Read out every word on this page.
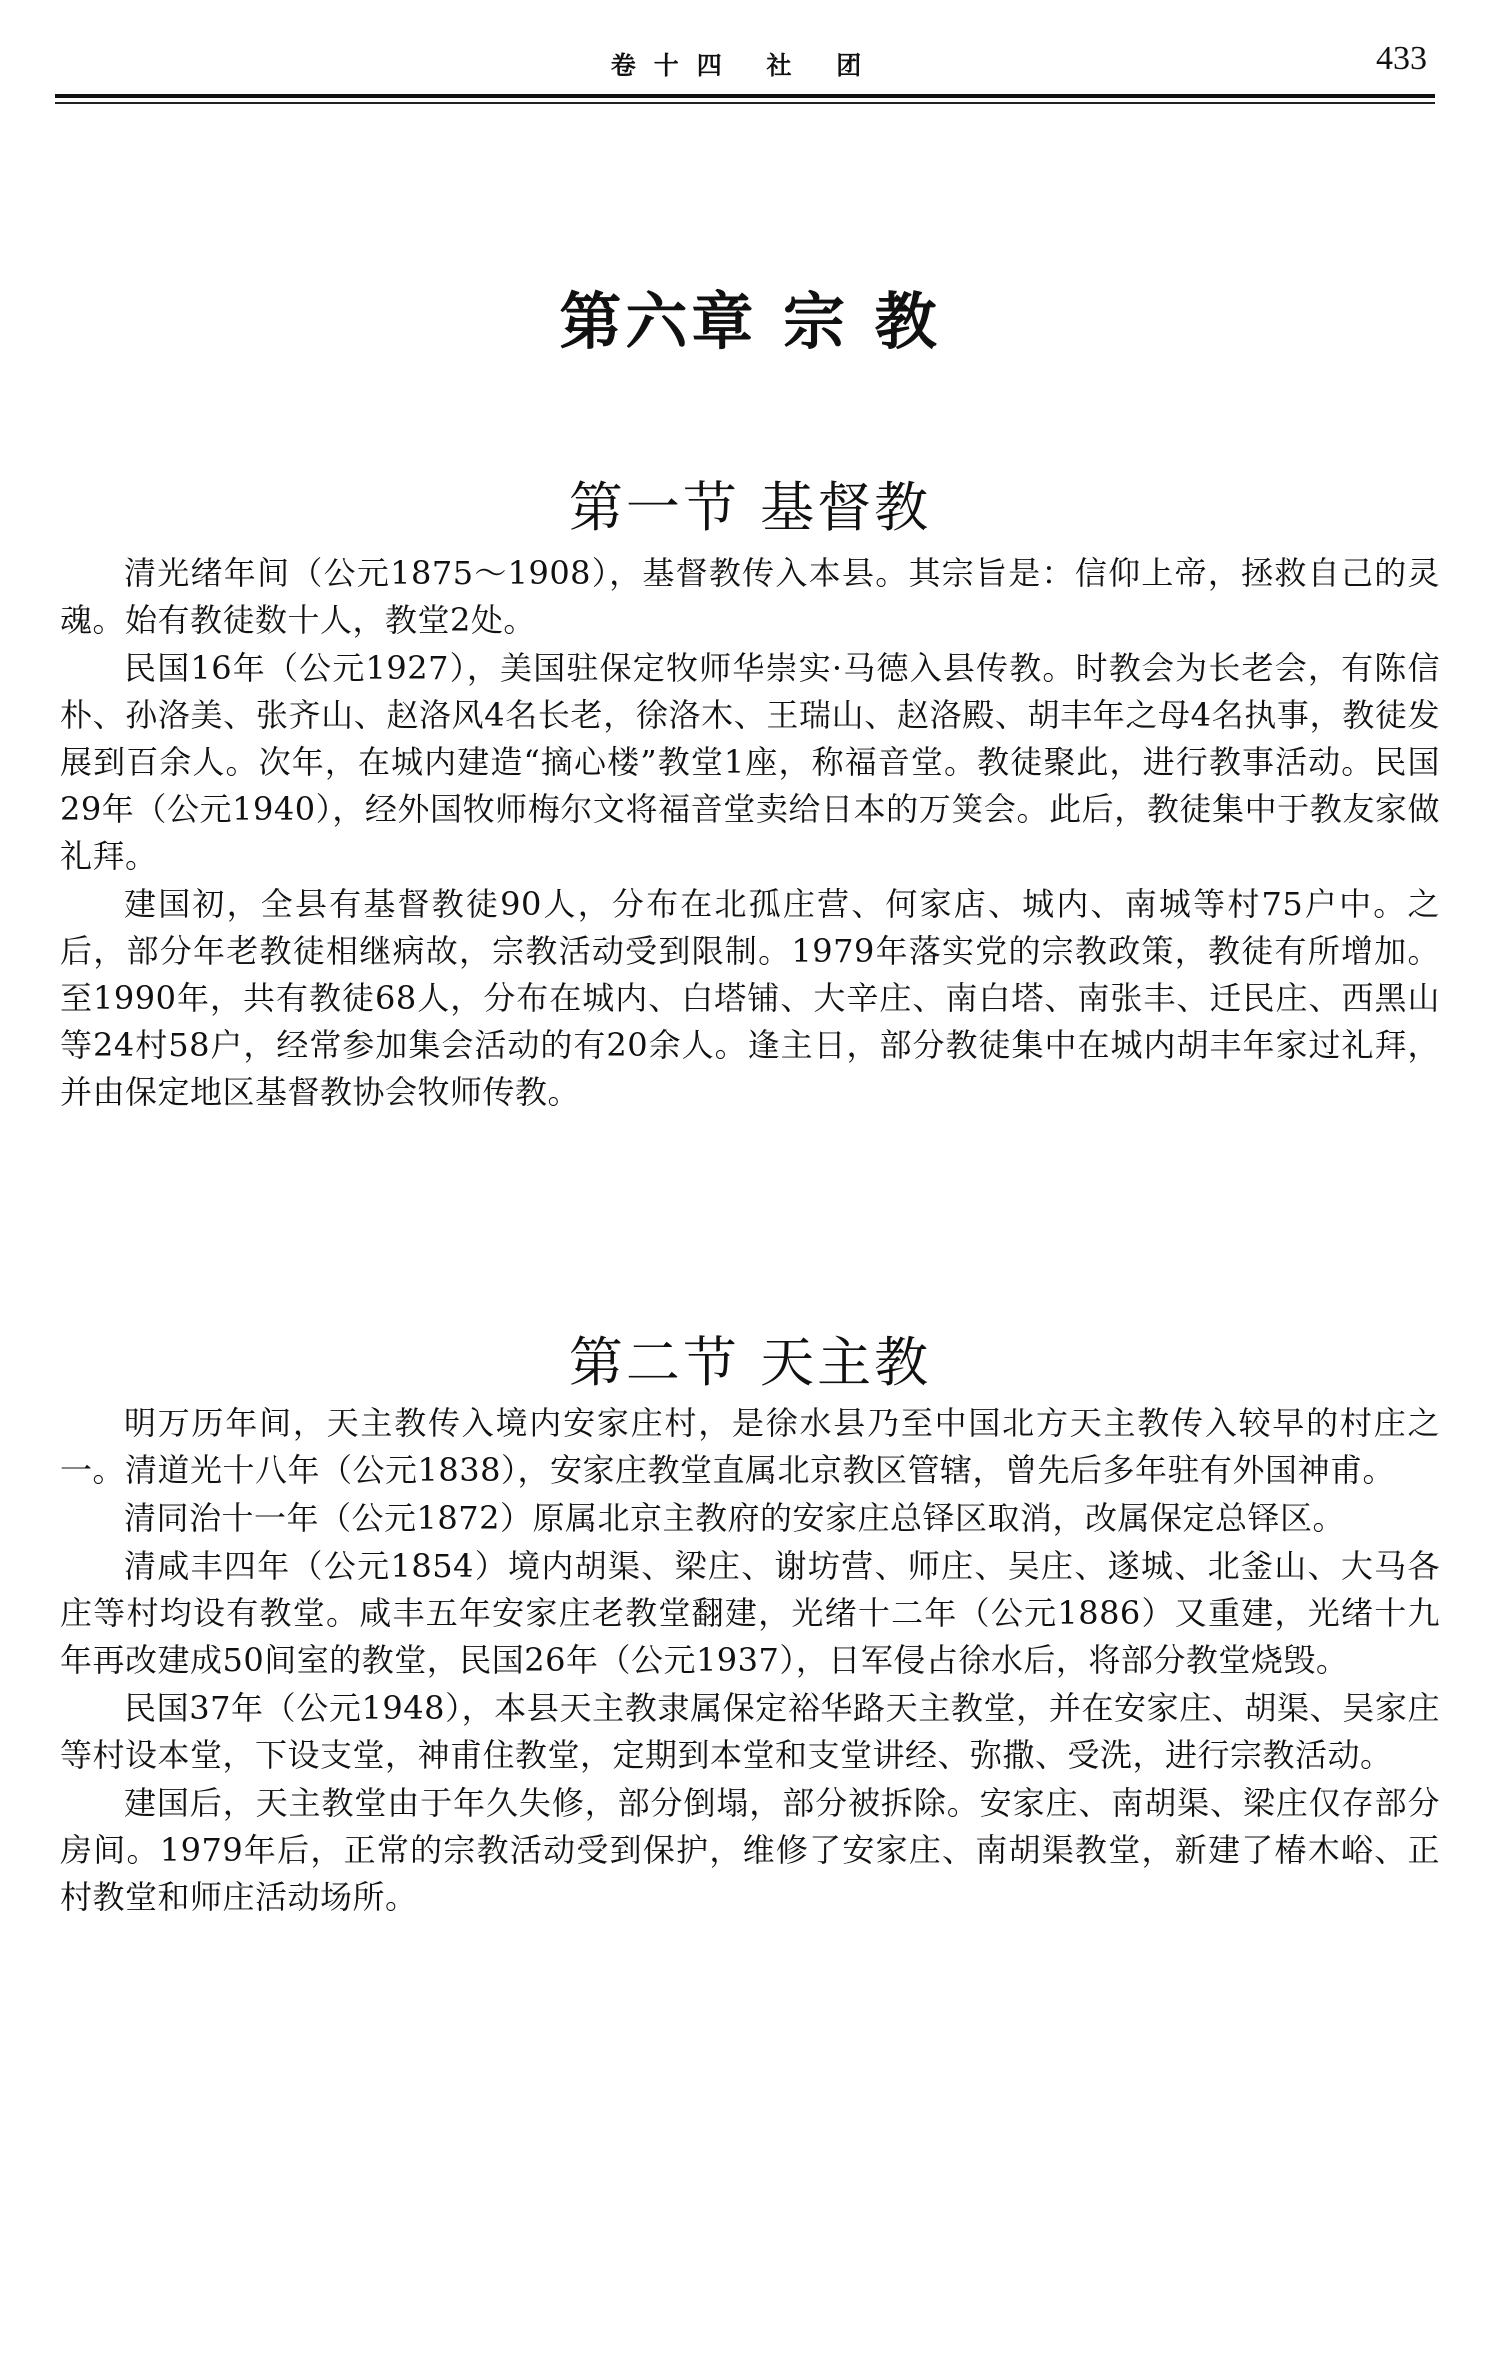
卷十四 社 团	433
第六章 宗 教
第一节 基督教

清光绪年间（公元1875～1908），基督教传入本县。其宗旨是：信仰上帝，拯救自己的灵魂。始有教徒数十人，教堂2处。

民国16年（公元1927），美国驻保定牧师华崇实·马德入县传教。时教会为长老会，有陈信朴、孙洛美、张齐山、赵洛风4名长老，徐洛木、王瑞山、赵洛殿、胡丰年之母4名执事，教徒发展到百余人。次年，在城内建造“摘心楼”教堂1座，称福音堂。教徒聚此，进行教事活动。民国29年（公元1940），经外国牧师梅尔文将福音堂卖给日本的万䇲会。此后，教徒集中于教友家做礼拜。

建国初，全县有基督教徒90人，分布在北孤庄营、何家店、城内、南城等村75户中。之后，部分年老教徒相继病故，宗教活动受到限制。1979年落实党的宗教政策，教徒有所增加。至1990年，共有教徒68人，分布在城内、白塔铺、大辛庄、南白塔、南张丰、迁民庄、西黑山等24村58户，经常参加集会活动的有20余人。逢主日，部分教徒集中在城内胡丰年家过礼拜，并由保定地区基督教协会牧师传教。

第二节 天主教

明万历年间，天主教传入境内安家庄村，是徐水县乃至中国北方天主教传入较早的村庄之一。清道光十八年（公元1838），安家庄教堂直属北京教区管辖，曾先后多年驻有外国神甫。

清同治十一年（公元1872）原属北京主教府的安家庄总铎区取消，改属保定总铎区。

清咸丰四年（公元1854）境内胡渠、梁庄、谢坊营、师庄、吴庄、遂城、北釜山、大马各庄等村均设有教堂。咸丰五年安家庄老教堂翻建，光绪十二年（公元1886）又重建，光绪十九年再改建成50间室的教堂，民国26年（公元1937），日军侵占徐水后，将部分教堂烧毁。

民国37年（公元1948），本县天主教隶属保定裕华路天主教堂，并在安家庄、胡渠、吴家庄等村设本堂，下设支堂，神甫住教堂，定期到本堂和支堂讲经、弥撒、受洗，进行宗教活动。

建国后，天主教堂由于年久失修，部分倒塌，部分被拆除。安家庄、南胡渠、梁庄仅存部分房间。1979年后，正常的宗教活动受到保护，维修了安家庄、南胡渠教堂，新建了椿木峪、正村教堂和师庄活动场所。
